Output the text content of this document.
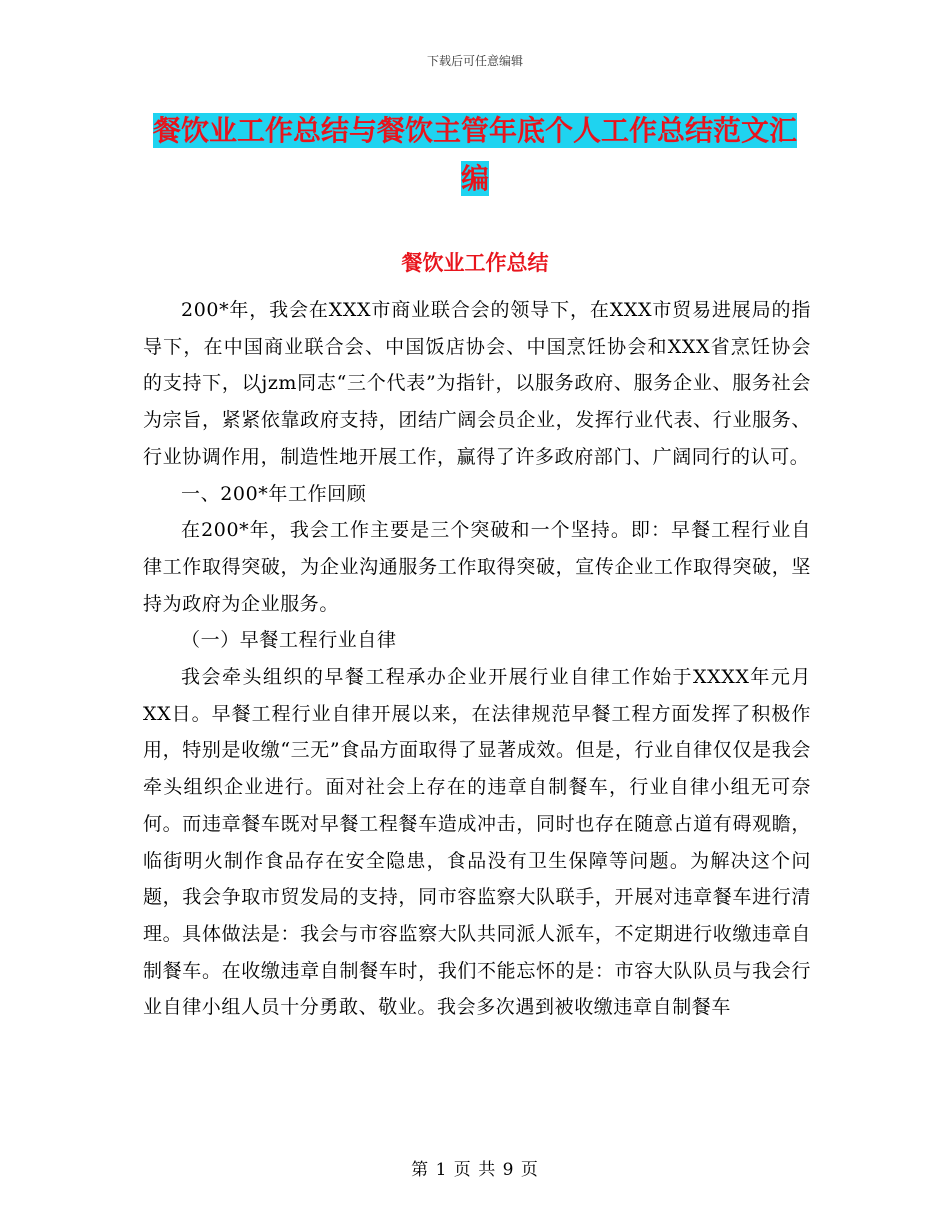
下载后可任意编辑
餐饮业工作总结与餐饮主管年底个人工作总结范文汇编
餐饮业工作总结

200*年，我会在XXX市商业联合会的领导下，在XXX市贸易进展局的指导下，在中国商业联合会、中国饭店协会、中国烹饪协会和XXX省烹饪协会的支持下，以jzm同志“三个代表”为指针，以服务政府、服务企业、服务社会为宗旨，紧紧依靠政府支持，团结广阔会员企业，发挥行业代表、行业服务、行业协调作用，制造性地开展工作，赢得了许多政府部门、广阔同行的认可。

一、200*年工作回顾

在200*年，我会工作主要是三个突破和一个坚持。即：早餐工程行业自律工作取得突破，为企业沟通服务工作取得突破，宣传企业工作取得突破，坚持为政府为企业服务。

（一）早餐工程行业自律

我会牵头组织的早餐工程承办企业开展行业自律工作始于XXXX年元月XX日。早餐工程行业自律开展以来，在法律规范早餐工程方面发挥了积极作用，特别是收缴“三无”食品方面取得了显著成效。但是，行业自律仅仅是我会牵头组织企业进行。面对社会上存在的违章自制餐车，行业自律小组无可奈何。而违章餐车既对早餐工程餐车造成冲击，同时也存在随意占道有碍观瞻，临街明火制作食品存在安全隐患，食品没有卫生保障等问题。为解决这个问题，我会争取市贸发局的支持，同市容监察大队联手，开展对违章餐车进行清理。具体做法是：我会与市容监察大队共同派人派车，不定期进行收缴违章自制餐车。在收缴违章自制餐车时，我们不能忘怀的是：市容大队队员与我会行业自律小组人员十分勇敢、敬业。我会多次遇到被收缴违章自制餐车

第 1 页 共 9 页
